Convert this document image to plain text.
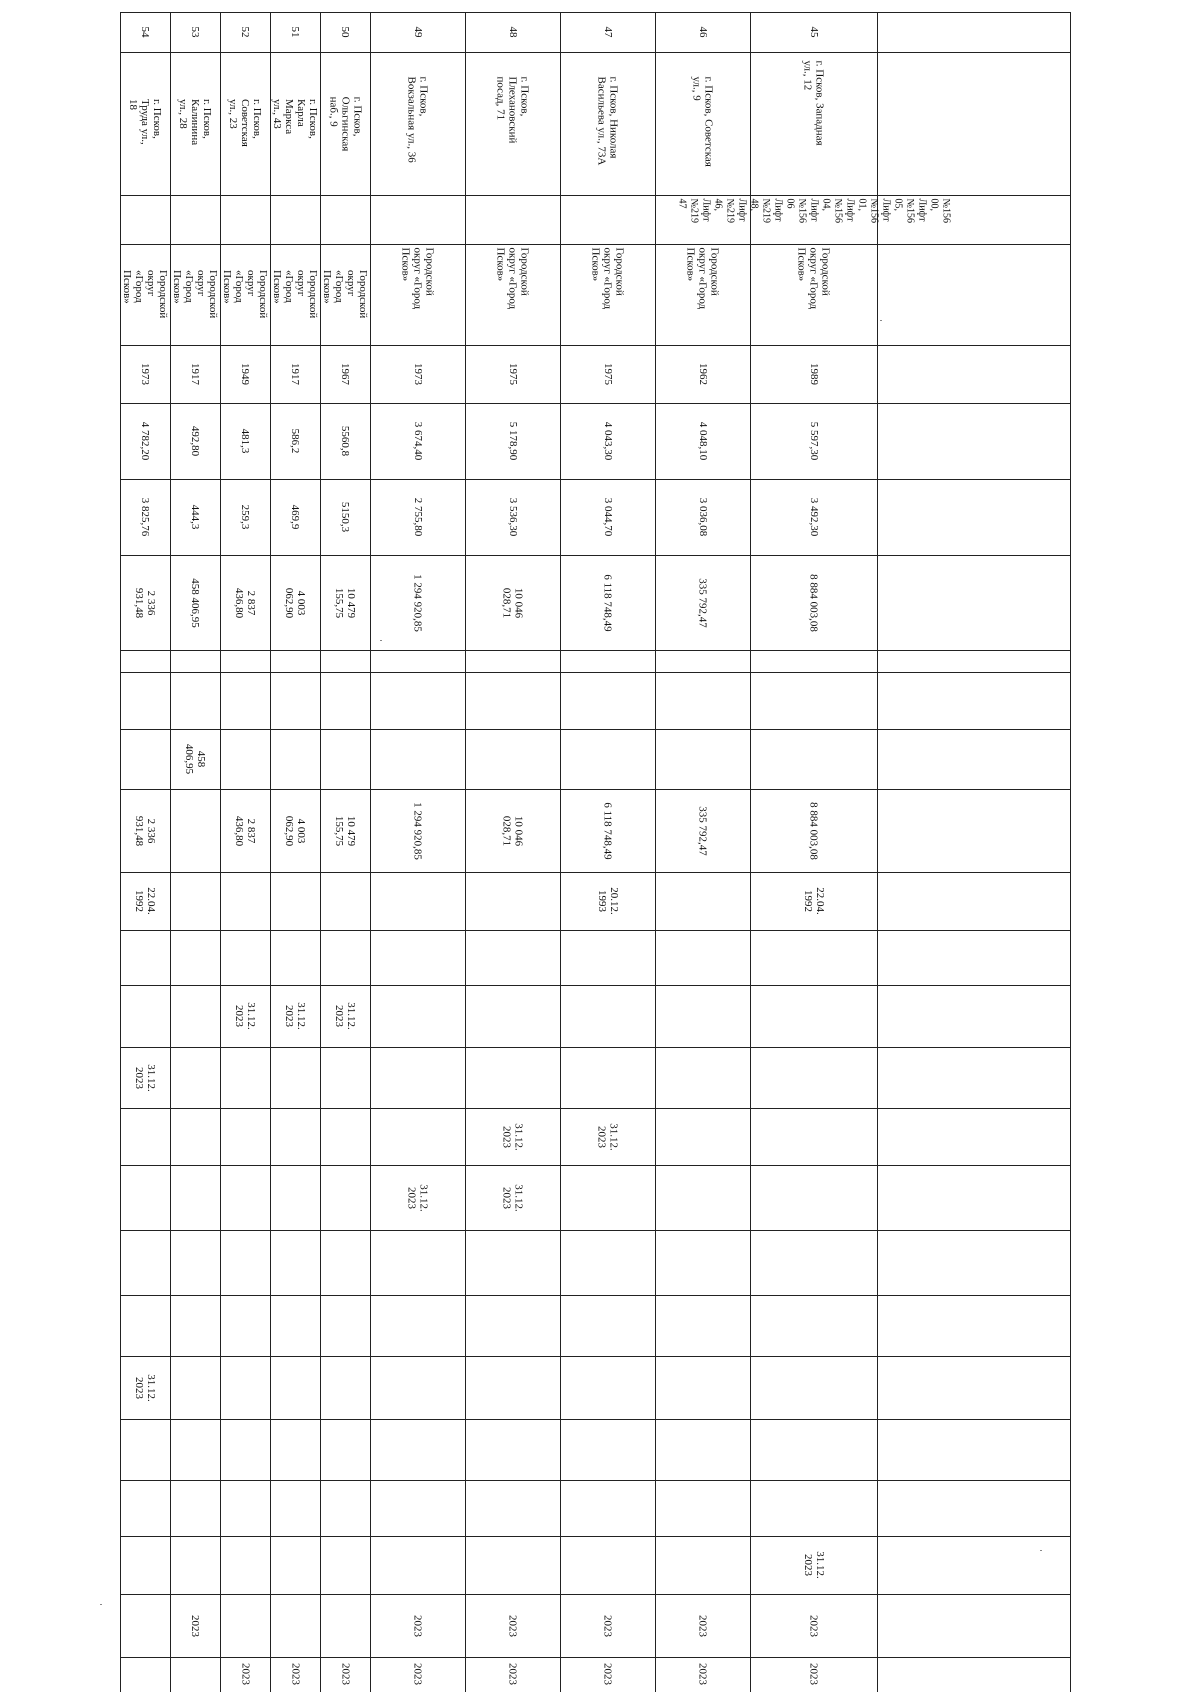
54
г. Псков, Труда ул.,
18
Городской
округ «Город
Псков»
1973
4 782,20
3 825,76
2 336 931,48
2 336 931,48
22.04.
1992
31.12.
2023
31.12.
2023
53
г. Псков, Калинина
ул., 28
Городской
округ «Город
Псков»
1917
492,80
444,3
458 406,95
458
406,95
2023
52
г. Псков, Советская
ул., 23
Городской
округ «Город
Псков»
1949
481,3
259,3
2 837 436,80
2 837 436,80
31.12.
2023
2023
51
г. Псков, Карла
Маркса ул., 43
Городской
округ «Город
Псков»
1917
586,2
469,9
4 003 062,90
4 003 062,90
31.12.
2023
2023
50
г. Псков,
Ольгинская наб., 9
Городской
округ «Город
Псков»
1967
5560,8
5150,3
10 479
155,75
10 479
155,75
31.12.
2023
2023
49
г. Псков,
Вокзальная ул., 36
Городской
округ «Город
Псков»
1973
3 674,40
2 755,80
1 294 920,85
1 294 920,85
31.12.
2023
2023
2023
48
г. Псков,
Плехановский
посад, 71
Городской
округ «Город
Псков»
1975
5 178,90
3 536,30
10 046
028,71
10 046
028,71
31.12.
2023
31.12.
2023
2023
2023
47
г. Псков, Николая
Васильева ул., 73А
Городской
округ «Город
Псков»
1975
4 043,30
3 044,70
6 118 748,49
6 118 748,49
20.12.
1993
31.12.
2023
2023
2023
46
г. Псков, Советская
ул., 9
Городской
округ «Город
Псков»
1962
4 048,10
3 036,08
335 792,47
335 792,47
2023
2023
45
г. Псков, Западная
ул., 12
№156
00,
Лифт
№156
05,
Лифт
№156
01,
Лифт
№156
04,
Лифт
№156
06
Лифт
№219
48,
Лифт
№219
46,
Лифт
№219
47
Городской
округ «Город
Псков»
1989
5 597,30
3 492,30
8 884 003,08
8 884 003,08
22.04.
1992
31.12.
2023
2023
2023
